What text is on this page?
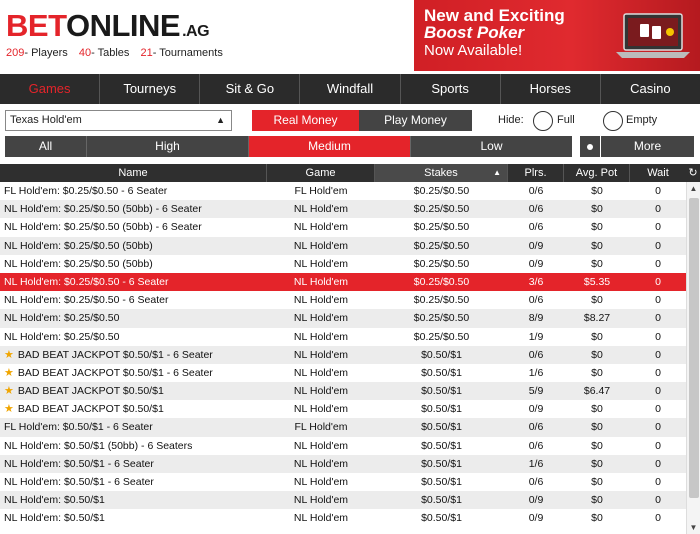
BETONLINE .AG
209- Players 40- Tables 21- Tournaments
New and Exciting
Boost Poker
Now Available!
Games	Tourneys	Sit & Go	Windfall	Sports	Horses	Casino
Texas Hold'em	▲	Real Money	Play Money	Hide:	Full	Empty
All	High	Medium	Low	More
Name	Game	Stakes	▲	Plrs.	Avg. Pot	Wait	↻
FL Hold'em: $0.25/$0.50 - 6 Seater	FL Hold'em	$0.25/$0.50	0/6	$0	0
NL Hold'em: $0.25/$0.50 (50bb) - 6 Seater	NL Hold'em	$0.25/$0.50	0/6	$0	0
NL Hold'em: $0.25/$0.50 (50bb) - 6 Seater	NL Hold'em	$0.25/$0.50	0/6	$0	0
NL Hold'em: $0.25/$0.50 (50bb)	NL Hold'em	$0.25/$0.50	0/9	$0	0
NL Hold'em: $0.25/$0.50 (50bb)	NL Hold'em	$0.25/$0.50	0/9	$0	0
NL Hold'em: $0.25/$0.50 - 6 Seater	NL Hold'em	$0.25/$0.50	3/6	$5.35	0
NL Hold'em: $0.25/$0.50 - 6 Seater	NL Hold'em	$0.25/$0.50	0/6	$0	0
NL Hold'em: $0.25/$0.50	NL Hold'em	$0.25/$0.50	8/9	$8.27	0
NL Hold'em: $0.25/$0.50	NL Hold'em	$0.25/$0.50	1/9	$0	0
★ BAD BEAT JACKPOT $0.50/$1 - 6 Seater	NL Hold'em	$0.50/$1	0/6	$0	0
★ BAD BEAT JACKPOT $0.50/$1 - 6 Seater	NL Hold'em	$0.50/$1	1/6	$0	0
★ BAD BEAT JACKPOT $0.50/$1	NL Hold'em	$0.50/$1	5/9	$6.47	0
★ BAD BEAT JACKPOT $0.50/$1	NL Hold'em	$0.50/$1	0/9	$0	0
FL Hold'em: $0.50/$1 - 6 Seater	FL Hold'em	$0.50/$1	0/6	$0	0
NL Hold'em: $0.50/$1 (50bb) - 6 Seaters	NL Hold'em	$0.50/$1	0/6	$0	0
NL Hold'em: $0.50/$1 - 6 Seater	NL Hold'em	$0.50/$1	1/6	$0	0
NL Hold'em: $0.50/$1 - 6 Seater	NL Hold'em	$0.50/$1	0/6	$0	0
NL Hold'em: $0.50/$1	NL Hold'em	$0.50/$1	0/9	$0	0
NL Hold'em: $0.50/$1	NL Hold'em	$0.50/$1	0/9	$0	0
▲
▼
